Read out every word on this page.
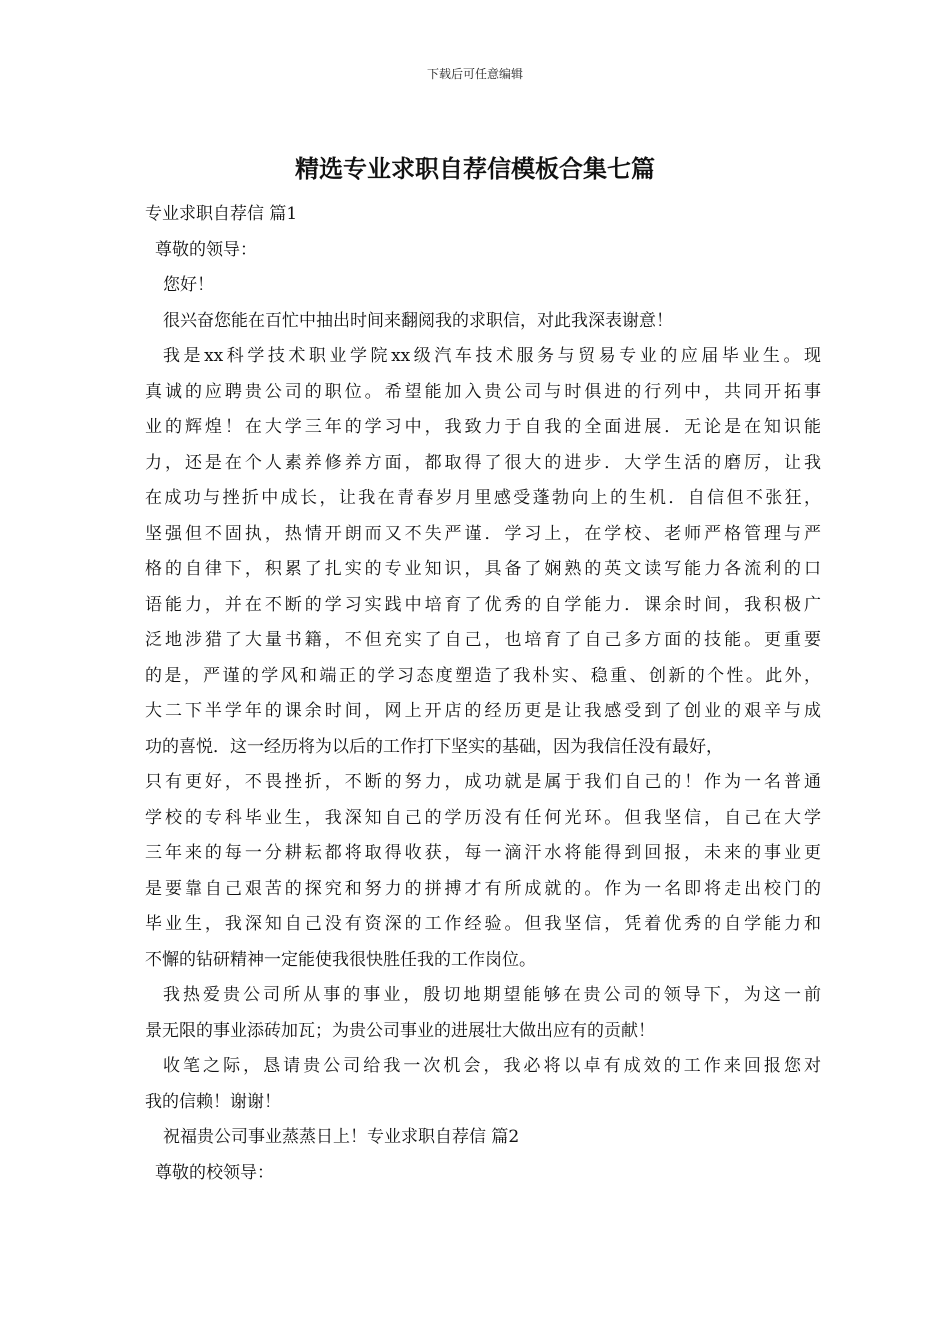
下载后可任意编辑
精选专业求职自荐信模板合集七篇
专业求职自荐信 篇1
尊敬的领导：
您好！
很兴奋您能在百忙中抽出时间来翻阅我的求职信，对此我深表谢意！
我是xx科学技术职业学院xx级汽车技术服务与贸易专业的应届毕业生。现
真诚的应聘贵公司的职位。希望能加入贵公司与时俱进的行列中，共同开拓事
业的辉煌！在大学三年的学习中，我致力于自我的全面进展．无论是在知识能
力，还是在个人素养修养方面，都取得了很大的进步．大学生活的磨厉，让我
在成功与挫折中成长，让我在青春岁月里感受蓬勃向上的生机．自信但不张狂，
坚强但不固执，热情开朗而又不失严谨．学习上，在学校、老师严格管理与严
格的自律下，积累了扎实的专业知识，具备了娴熟的英文读写能力各流利的口
语能力，并在不断的学习实践中培育了优秀的自学能力．课余时间，我积极广
泛地涉猎了大量书籍，不但充实了自己，也培育了自己多方面的技能。更重要
的是，严谨的学风和端正的学习态度塑造了我朴实、稳重、创新的个性。此外，
大二下半学年的课余时间，网上开店的经历更是让我感受到了创业的艰辛与成
功的喜悦．这一经历将为以后的工作打下坚实的基础，因为我信任没有最好，
只有更好，不畏挫折，不断的努力，成功就是属于我们自己的！作为一名普通
学校的专科毕业生，我深知自己的学历没有任何光环。但我坚信，自己在大学
三年来的每一分耕耘都将取得收获，每一滴汗水将能得到回报，未来的事业更
是要靠自己艰苦的探究和努力的拼搏才有所成就的。作为一名即将走出校门的
毕业生，我深知自己没有资深的工作经验。但我坚信，凭着优秀的自学能力和
不懈的钻研精神一定能使我很快胜任我的工作岗位。
我热爱贵公司所从事的事业，殷切地期望能够在贵公司的领导下，为这一前
景无限的事业添砖加瓦；为贵公司事业的进展壮大做出应有的贡献！
收笔之际，恳请贵公司给我一次机会，我必将以卓有成效的工作来回报您对
我的信赖！谢谢！
祝福贵公司事业蒸蒸日上！专业求职自荐信 篇2
尊敬的校领导：
